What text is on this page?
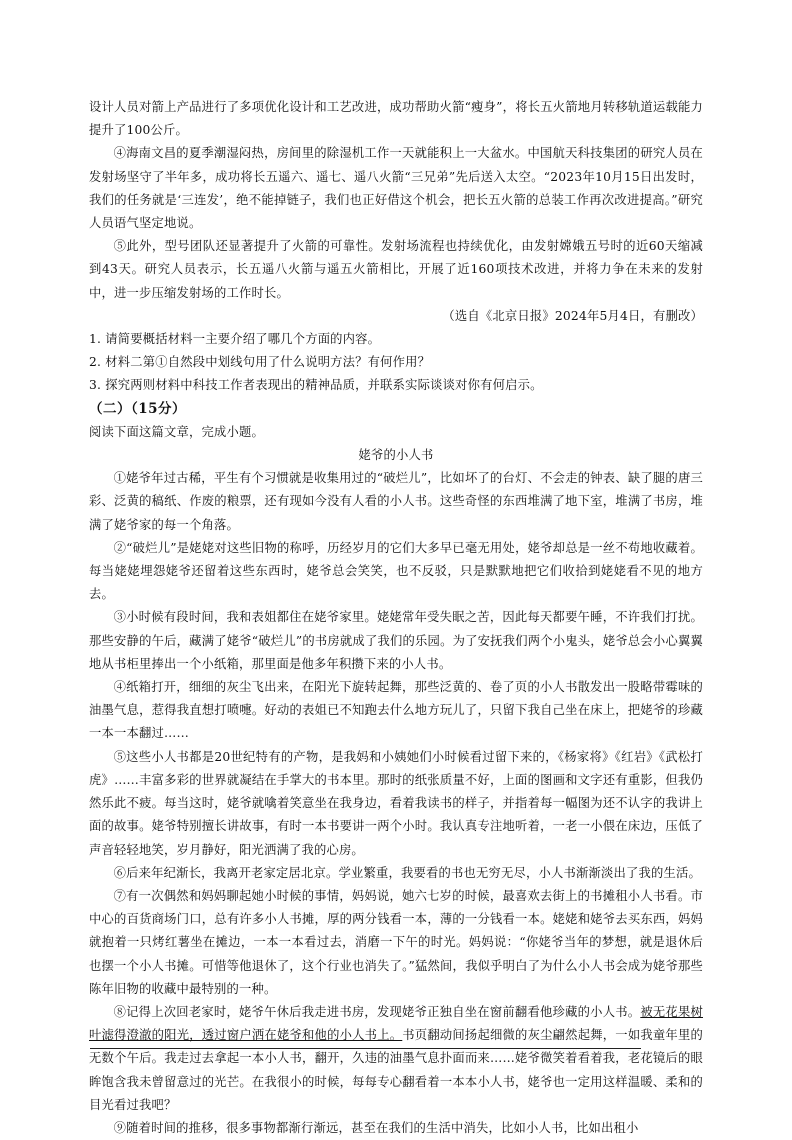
设计人员对箭上产品进行了多项优化设计和工艺改进，成功帮助火箭“瘦身”，将长五火箭地月转移轨道运载能力提升了100公斤。

④海南文昌的夏季潮湿闷热，房间里的除湿机工作一天就能积上一大盆水。中国航天科技集团的研究人员在发射场坚守了半年多，成功将长五遥六、遥七、遥八火箭“三兄弟”先后送入太空。“2023年10月15日出发时，我们的任务就是‘三连发’，绝不能掉链子，我们也正好借这个机会，把长五火箭的总装工作再次改进提高。”研究人员语气坚定地说。

⑤此外，型号团队还显著提升了火箭的可靠性。发射场流程也持续优化，由发射嫦娥五号时的近60天缩减到43天。研究人员表示，长五遥八火箭与遥五火箭相比，开展了近160项技术改进，并将力争在未来的发射中，进一步压缩发射场的工作时长。

（选自《北京日报》2024年5月4日，有删改）

1. 请简要概括材料一主要介绍了哪几个方面的内容。

2. 材料二第①自然段中划线句用了什么说明方法？有何作用？

3. 探究两则材料中科技工作者表现出的精神品质，并联系实际谈谈对你有何启示。

（二）（15分）

阅读下面这篇文章，完成小题。

姥爷的小人书

①姥爷年过古稀，平生有个习惯就是收集用过的“破烂儿”，比如坏了的台灯、不会走的钟表、缺了腿的唐三彩、泛黄的稿纸、作废的粮票，还有现如今没有人看的小人书。这些奇怪的东西堆满了地下室，堆满了书房，堆满了姥爷家的每一个角落。

②“破烂儿”是姥姥对这些旧物的称呼，历经岁月的它们大多早已毫无用处，姥爷却总是一丝不苟地收藏着。每当姥姥埋怨姥爷还留着这些东西时，姥爷总会笑笑，也不反驳，只是默默地把它们收拾到姥姥看不见的地方去。

③小时候有段时间，我和表姐都住在姥爷家里。姥姥常年受失眠之苦，因此每天都要午睡，不许我们打扰。那些安静的午后，藏满了姥爷“破烂儿”的书房就成了我们的乐园。为了安抚我们两个小鬼头，姥爷总会小心翼翼地从书柜里捧出一个小纸箱，那里面是他多年积攒下来的小人书。

④纸箱打开，细细的灰尘飞出来，在阳光下旋转起舞，那些泛黄的、卷了页的小人书散发出一股略带霉味的油墨气息，惹得我直想打喷嚏。好动的表姐已不知跑去什么地方玩儿了，只留下我自己坐在床上，把姥爷的珍藏一本一本翻过……

⑤这些小人书都是20世纪特有的产物，是我妈和小姨她们小时候看过留下来的，《杨家将》《红岩》《武松打虎》……丰富多彩的世界就凝结在手掌大的书本里。那时的纸张质量不好，上面的图画和文字还有重影，但我仍然乐此不疲。每当这时，姥爷就噙着笑意坐在我身边，看着我读书的样子，并指着每一幅图为还不认字的我讲上面的故事。姥爷特别擅长讲故事，有时一本书要讲一两个小时。我认真专注地听着，一老一小偎在床边，压低了声音轻轻地笑，岁月静好，阳光洒满了我的心房。

⑥后来年纪渐长，我离开老家定居北京。学业繁重，我要看的书也无穷无尽，小人书渐渐淡出了我的生活。

⑦有一次偶然和妈妈聊起她小时候的事情，妈妈说，她六七岁的时候，最喜欢去街上的书摊租小人书看。市中心的百货商场门口，总有许多小人书摊，厚的两分钱看一本，薄的一分钱看一本。姥姥和姥爷去买东西，妈妈就抱着一只烤红薯坐在摊边，一本一本看过去，消磨一下午的时光。妈妈说：“你姥爷当年的梦想，就是退休后也摆一个小人书摊。可惜等他退休了，这个行业也消失了。”猛然间，我似乎明白了为什么小人书会成为姥爷那些陈年旧物的收藏中最特别的一种。

⑧记得上次回老家时，姥爷午休后我走进书房，发现姥爷正独自坐在窗前翻看他珍藏的小人书。被无花果树叶滤得澄澈的阳光，透过窗户洒在姥爷和他的小人书上。书页翻动间扬起细微的灰尘翩然起舞，一如我童年里的无数个午后。我走过去拿起一本小人书，翻开，久违的油墨气息扑面而来……姥爷微笑着看着我，老花镜后的眼眸饱含我未曾留意过的光芒。在我很小的时候，每每专心翻看着一本本小人书，姥爷也一定用这样温暖、柔和的目光看过我吧？

⑨随着时间的推移，很多事物都渐行渐远，甚至在我们的生活中消失，比如小人书，比如出租小
